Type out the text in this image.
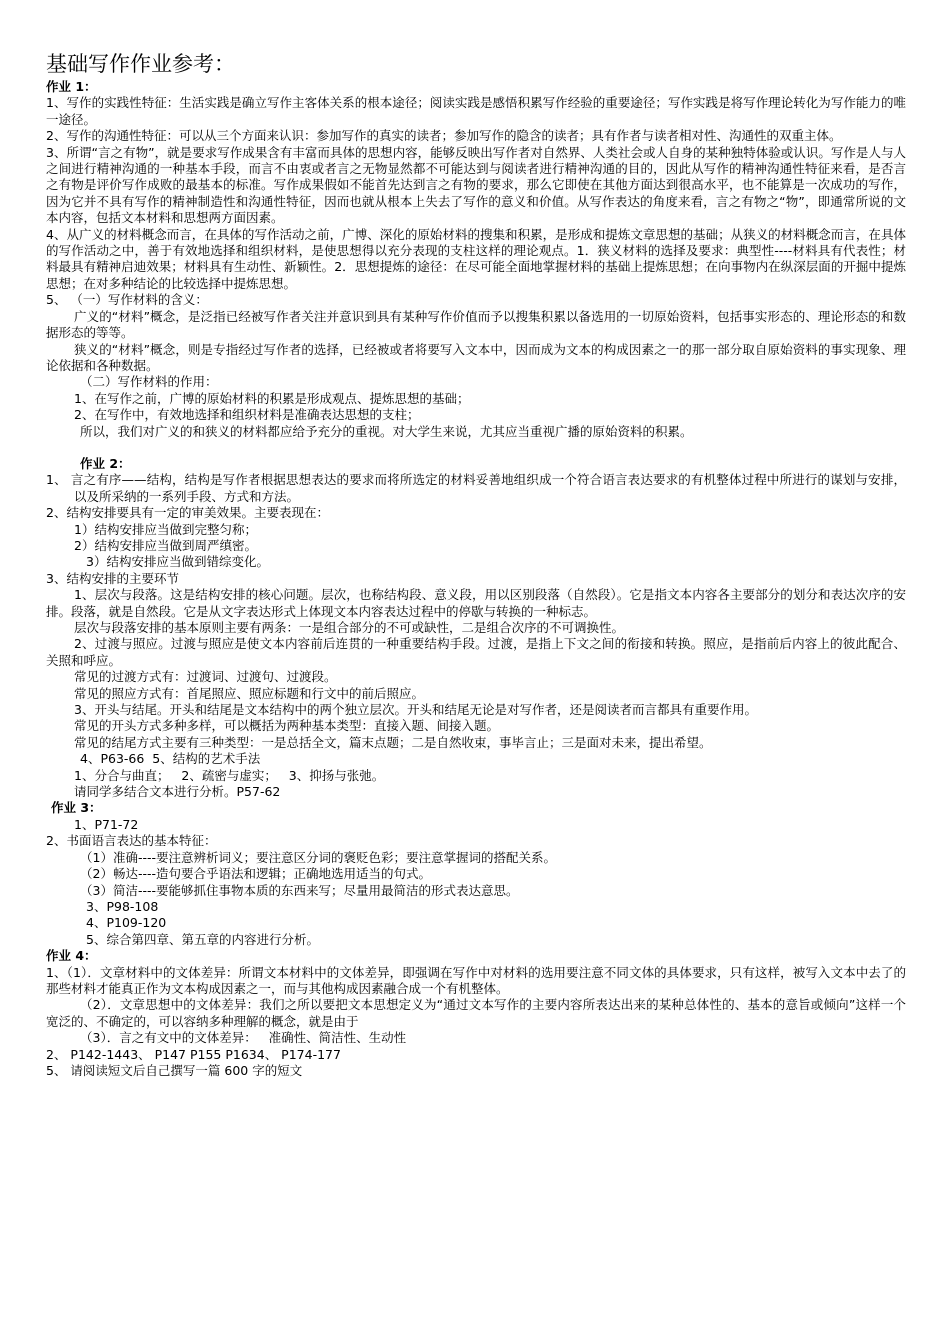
基础写作作业参考：
作业 1：

1、写作的实践性特征：生活实践是确立写作主客体关系的根本途径；阅读实践是感悟积累写作经验的重要途径；写作实践是将写作理论转化为写作能力的唯一途径。

2、写作的沟通性特征：可以从三个方面来认识：参加写作的真实的读者；参加写作的隐含的读者；具有作者与读者相对性、沟通性的双重主体。

3、所谓“言之有物”，就是要求写作成果含有丰富而具体的思想内容，能够反映出写作者对自然界、人类社会或人自身的某种独特体验或认识。写作是人与人之间进行精神沟通的一种基本手段，而言不由衷或者言之无物显然都不可能达到与阅读者进行精神沟通的目的，因此从写作的精神沟通性特征来看，是否言之有物是评价写作成败的最基本的标准。写作成果假如不能首先达到言之有物的要求，那么它即使在其他方面达到很高水平，也不能算是一次成功的写作，因为它并不具有写作的精神制造性和沟通性特征，因而也就从根本上失去了写作的意义和价值。从写作表达的角度来看，言之有物之“物”，即通常所说的文本内容，包括文本材料和思想两方面因素。

4、从广义的材料概念而言，在具体的写作活动之前，广博、深化的原始材料的搜集和积累，是形成和提炼文章思想的基础；从狭义的材料概念而言，在具体的写作活动之中，善于有效地选择和组织材料，是使思想得以充分表现的支柱这样的理论观点。1．狭义材料的选择及要求：典型性----材料具有代表性；材料最具有精神启迪效果；材料具有生动性、新颖性。2．思想提炼的途径：在尽可能全面地掌握材料的基础上提炼思想；在向事物内在纵深层面的开掘中提炼思想；在对多种结论的比较选择中提炼思想。

5、 （一）写作材料的含义：

广义的“材料”概念，是泛指已经被写作者关注并意识到具有某种写作价值而予以搜集积累以备选用的一切原始资料，包括事实形态的、理论形态的和数据形态的等等。

狭义的“材料”概念，则是专指经过写作者的选择，已经被或者将要写入文本中，因而成为文本的构成因素之一的那一部分取自原始资料的事实现象、理论依据和各种数据。

（二）写作材料的作用：

1、在写作之前，广博的原始材料的积累是形成观点、提炼思想的基础；

2、在写作中，有效地选择和组织材料是准确表达思想的支柱；

所以，我们对广义的和狭义的材料都应给予充分的重视。对大学生来说，尤其应当重视广播的原始资料的积累。

作业 2：

1、 言之有序——结构，结构是写作者根据思想表达的要求而将所选定的材料妥善地组织成一个符合语言表达要求的有机整体过程中所进行的谋划与安排，以及所采纳的一系列手段、方式和方法。

2、结构安排要具有一定的审美效果。主要表现在：

1）结构安排应当做到完整匀称；

2）结构安排应当做到周严缜密。

3）结构安排应当做到错综变化。

3、结构安排的主要环节

1、层次与段落。这是结构安排的核心问题。层次，也称结构段、意义段，用以区别段落（自然段）。它是指文本内容各主要部分的划分和表达次序的安排。段落，就是自然段。它是从文字表达形式上体现文本内容表达过程中的停歇与转换的一种标志。

层次与段落安排的基本原则主要有两条：一是组合部分的不可或缺性，二是组合次序的不可调换性。

2、过渡与照应。过渡与照应是使文本内容前后连贯的一种重要结构手段。过渡，是指上下文之间的衔接和转换。照应，是指前后内容上的彼此配合、关照和呼应。

常见的过渡方式有：过渡词、过渡句、过渡段。

常见的照应方式有：首尾照应、照应标题和行文中的前后照应。

3、开头与结尾。开头和结尾是文本结构中的两个独立层次。开头和结尾无论是对写作者，还是阅读者而言都具有重要作用。

常见的开头方式多种多样，可以概括为两种基本类型：直接入题、间接入题。

常见的结尾方式主要有三种类型：一是总括全文，篇末点题；二是自然收束，事毕言止；三是面对未来，提出希望。

4、P63-66  5、结构的艺术手法

1、分合与曲直；   2、疏密与虚实；   3、抑扬与张弛。

请同学多结合文本进行分析。P57-62

作业 3：

1、P71-72

2、书面语言表达的基本特征：

（1）准确----要注意辨析词义；要注意区分词的褒贬色彩；要注意掌握词的搭配关系。

（2）畅达----造句要合乎语法和逻辑；正确地选用适当的句式。

（3）简洁----要能够抓住事物本质的东西来写；尽量用最简洁的形式表达意思。

3、P98-108

4、P109-120

5、综合第四章、第五章的内容进行分析。

作业 4：

1、（1）．文章材料中的文体差异：所谓文本材料中的文体差异，即强调在写作中对材料的选用要注意不同文体的具体要求，只有这样，被写入文本中去了的那些材料才能真正作为文本构成因素之一，而与其他构成因素融合成一个有机整体。

（2）．文章思想中的文体差异：我们之所以要把文本思想定义为“通过文本写作的主要内容所表达出来的某种总体性的、基本的意旨或倾向”这样一个宽泛的、不确定的，可以容纳多种理解的概念，就是由于

（3）．言之有文中的文体差异：   准确性、简洁性、生动性

2、 P142-1443、 P147 P155 P1634、 P174-177

5、 请阅读短文后自己撰写一篇 600 字的短文
